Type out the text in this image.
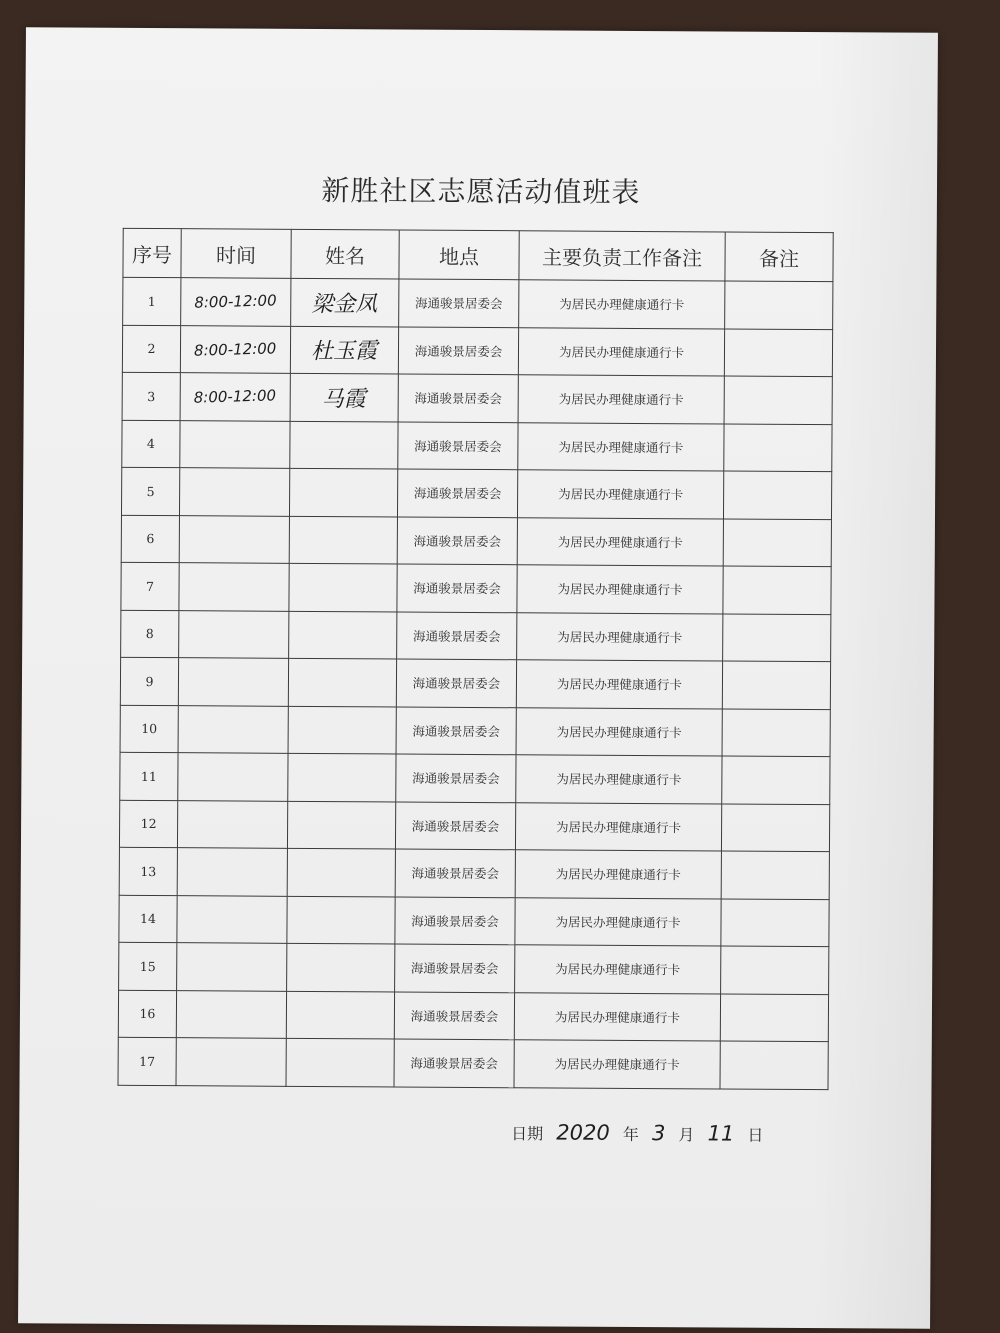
新胜社区志愿活动值班表
序号	时间	姓名	地点	主要负责工作备注	备注
1	8:00-12:00	梁金凤	海通骏景居委会	为居民办理健康通行卡	
2	8:00-12:00	杜玉霞	海通骏景居委会	为居民办理健康通行卡	
3	8:00-12:00	马霞	海通骏景居委会	为居民办理健康通行卡	
4			海通骏景居委会	为居民办理健康通行卡	
5			海通骏景居委会	为居民办理健康通行卡	
6			海通骏景居委会	为居民办理健康通行卡	
7			海通骏景居委会	为居民办理健康通行卡	
8			海通骏景居委会	为居民办理健康通行卡	
9			海通骏景居委会	为居民办理健康通行卡	
10			海通骏景居委会	为居民办理健康通行卡	
11			海通骏景居委会	为居民办理健康通行卡	
12			海通骏景居委会	为居民办理健康通行卡	
13			海通骏景居委会	为居民办理健康通行卡	
14			海通骏景居委会	为居民办理健康通行卡	
15			海通骏景居委会	为居民办理健康通行卡	
16			海通骏景居委会	为居民办理健康通行卡	
17			海通骏景居委会	为居民办理健康通行卡	
日期 2020 年 3 月 11 日
